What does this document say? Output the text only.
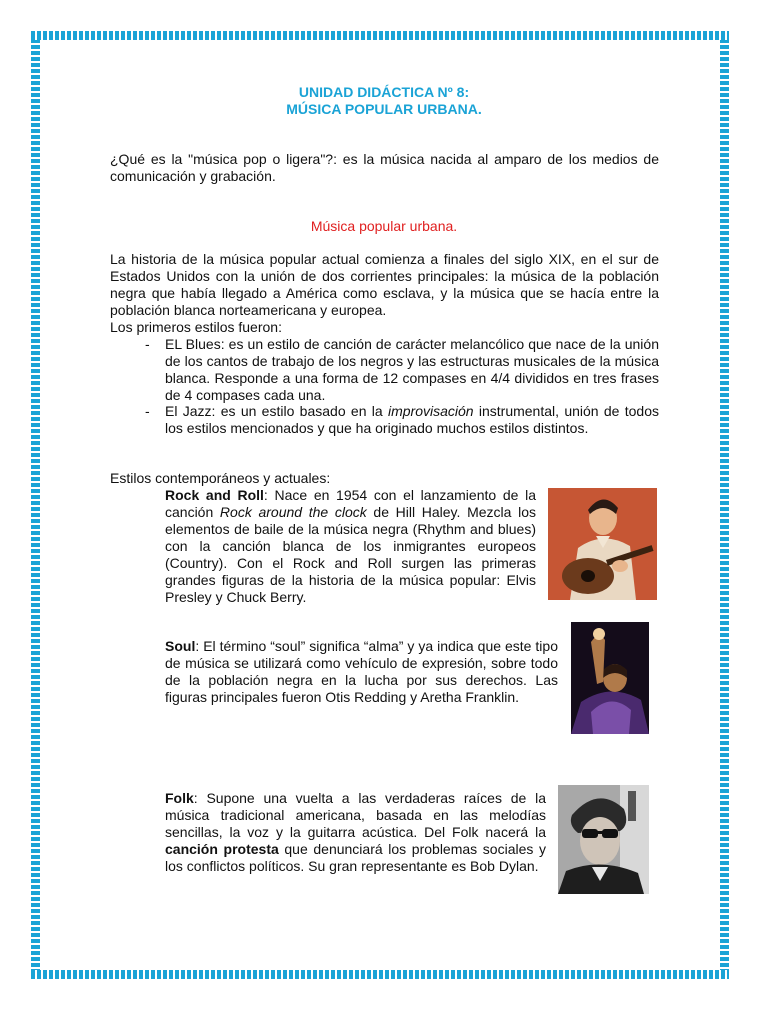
UNIDAD DIDÁCTICA Nº 8:
MÚSICA POPULAR URBANA.
¿Qué es la "música pop o ligera"?: es la música nacida al amparo de los medios de comunicación y grabación.
Música popular urbana.
La historia de la música popular actual comienza a finales del siglo XIX, en el sur de Estados Unidos con la unión de dos corrientes principales: la música de la población negra que había llegado a América como esclava, y la música que se hacía entre la población blanca norteamericana y europea.
Los primeros estilos fueron:
- EL Blues: es un estilo de canción de carácter melancólico que nace de la unión de los cantos de trabajo de los negros y las estructuras musicales de la música blanca. Responde a una forma de 12 compases en 4/4 divididos en tres frases de 4 compases cada una.
- El Jazz: es un estilo basado en la improvisación instrumental, unión de todos los estilos mencionados y que ha originado muchos estilos distintos.
Estilos contemporáneos y actuales:
Rock and Roll: Nace en 1954 con el lanzamiento de la canción Rock around the clock de Hill Haley. Mezcla los elementos de baile de la música negra (Rhythm and blues) con la canción blanca de los inmigrantes europeos (Country). Con el Rock and Roll surgen las primeras grandes figuras de la historia de la música popular: Elvis Presley y Chuck Berry.
Soul: El término “soul” significa “alma” y ya indica que este tipo de música se utilizará como vehículo de expresión, sobre todo de la población negra en la lucha por sus derechos. Las figuras principales fueron Otis Redding y Aretha Franklin.
Folk: Supone una vuelta a las verdaderas raíces de la música tradicional americana, basada en las melodías sencillas, la voz y la guitarra acústica. Del Folk nacerá la canción protesta que denunciará los problemas sociales y los conflictos políticos. Su gran representante es Bob Dylan.
